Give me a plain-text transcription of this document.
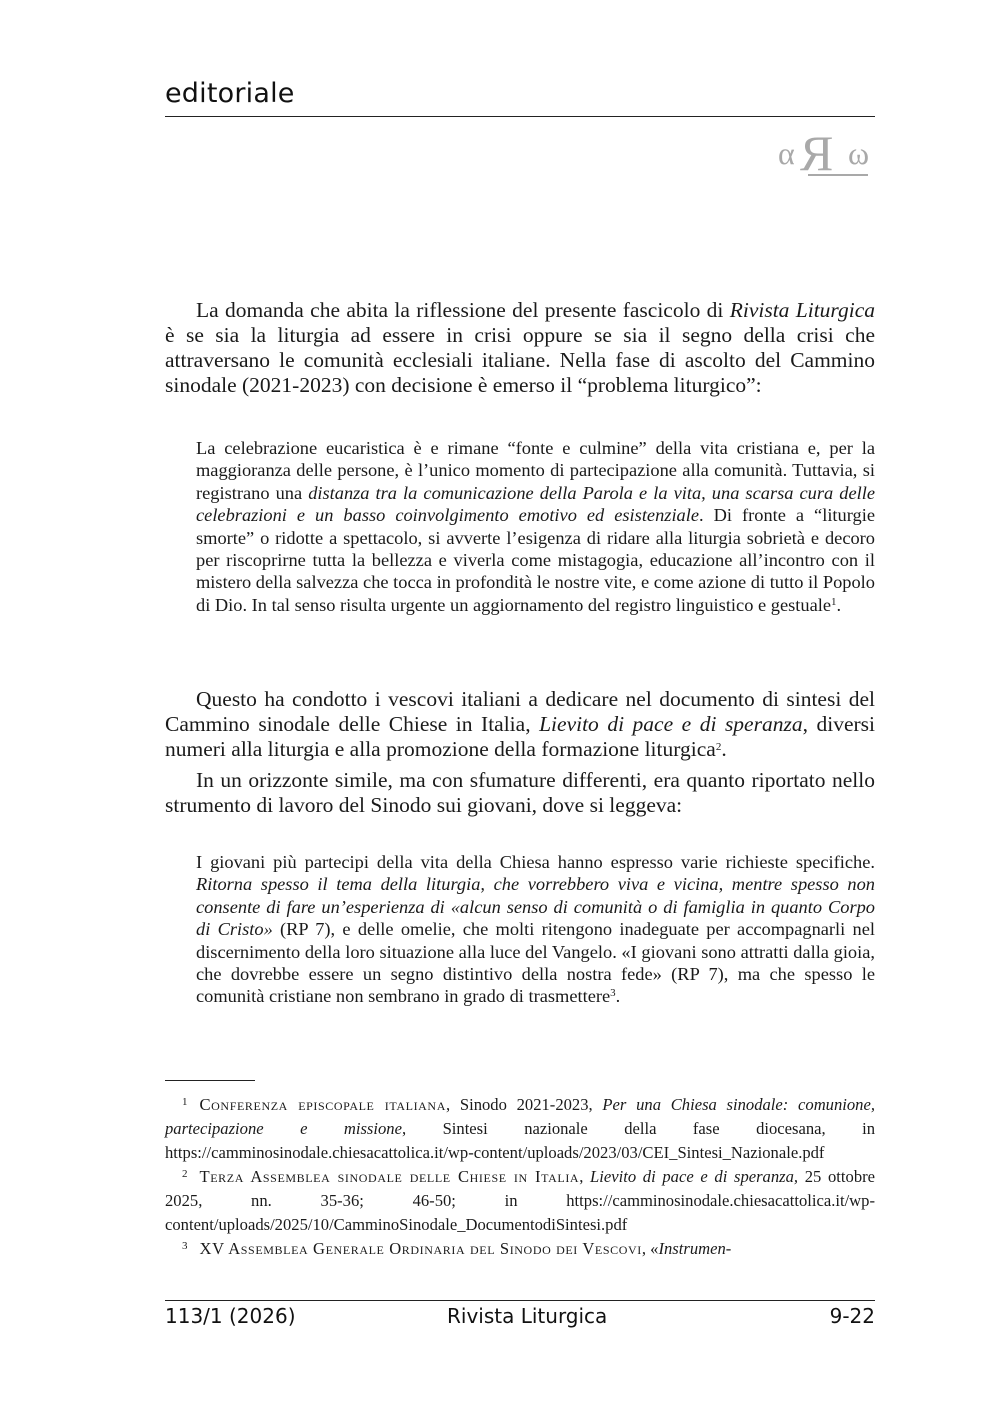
editoriale
α Я ω

La domanda che abita la riflessione del presente fascicolo di Rivista Liturgica è se sia la liturgia ad essere in crisi oppure se sia il segno della crisi che attraversano le comunità ecclesiali italiane. Nella fase di ascolto del Cammino sinodale (2021-2023) con decisione è emerso il “problema liturgico”:

La celebrazione eucaristica è e rimane “fonte e culmine” della vita cristiana e, per la maggioranza delle persone, è l’unico momento di partecipazione alla comunità. Tuttavia, si registrano una distanza tra la comunicazione della Parola e la vita, una scarsa cura delle celebrazioni e un basso coinvolgimento emotivo ed esistenziale. Di fronte a “liturgie smorte” o ridotte a spettacolo, si avverte l’esigenza di ridare alla liturgia sobrietà e decoro per riscoprirne tutta la bellezza e viverla come mistagogia, educazione all’incontro con il mistero della salvezza che tocca in profondità le nostre vite, e come azione di tutto il Popolo di Dio. In tal senso risulta urgente un aggiornamento del registro linguistico e gestuale$^1$.

Questo ha condotto i vescovi italiani a dedicare nel documento di sintesi del Cammino sinodale delle Chiese in Italia, Lievito di pace e di speranza, diversi numeri alla liturgia e alla promozione della formazione liturgica$^2$.

In un orizzonte simile, ma con sfumature differenti, era quanto riportato nello strumento di lavoro del Sinodo sui giovani, dove si leggeva:

I giovani più partecipi della vita della Chiesa hanno espresso varie richieste specifiche. Ritorna spesso il tema della liturgia, che vorrebbero viva e vicina, mentre spesso non consente di fare un’esperienza di «alcun senso di comunità o di famiglia in quanto Corpo di Cristo» (RP 7), e delle omelie, che molti ritengono inadeguate per accompagnarli nel discernimento della loro situazione alla luce del Vangelo. «I giovani sono attratti dalla gioia, che dovrebbe essere un segno distintivo della nostra fede» (RP 7), ma che spesso le comunità cristiane non sembrano in grado di trasmettere$^3$.

$^1$ Conferenza episcopale italiana, Sinodo 2021-2023, Per una Chiesa sinodale: comunione, partecipazione e missione, Sintesi nazionale della fase diocesana, in https://camminosinodale.chiesacattolica.it/wp-content/uploads/2023/03/CEI_Sintesi_Nazionale.pdf

$^2$ Terza Assemblea sinodale delle Chiese in Italia, Lievito di pace e di speranza, 25 ottobre 2025, nn. 35-36; 46-50; in https://camminosinodale.chiesacattolica.it/wp-content/uploads/2025/10/CamminoSinodale_DocumentodiSintesi.pdf

$^3$ XV Assemblea Generale Ordinaria del Sinodo dei Vescovi, «Instrumen-

113/1 (2026)	Rivista Liturgica	9-22
